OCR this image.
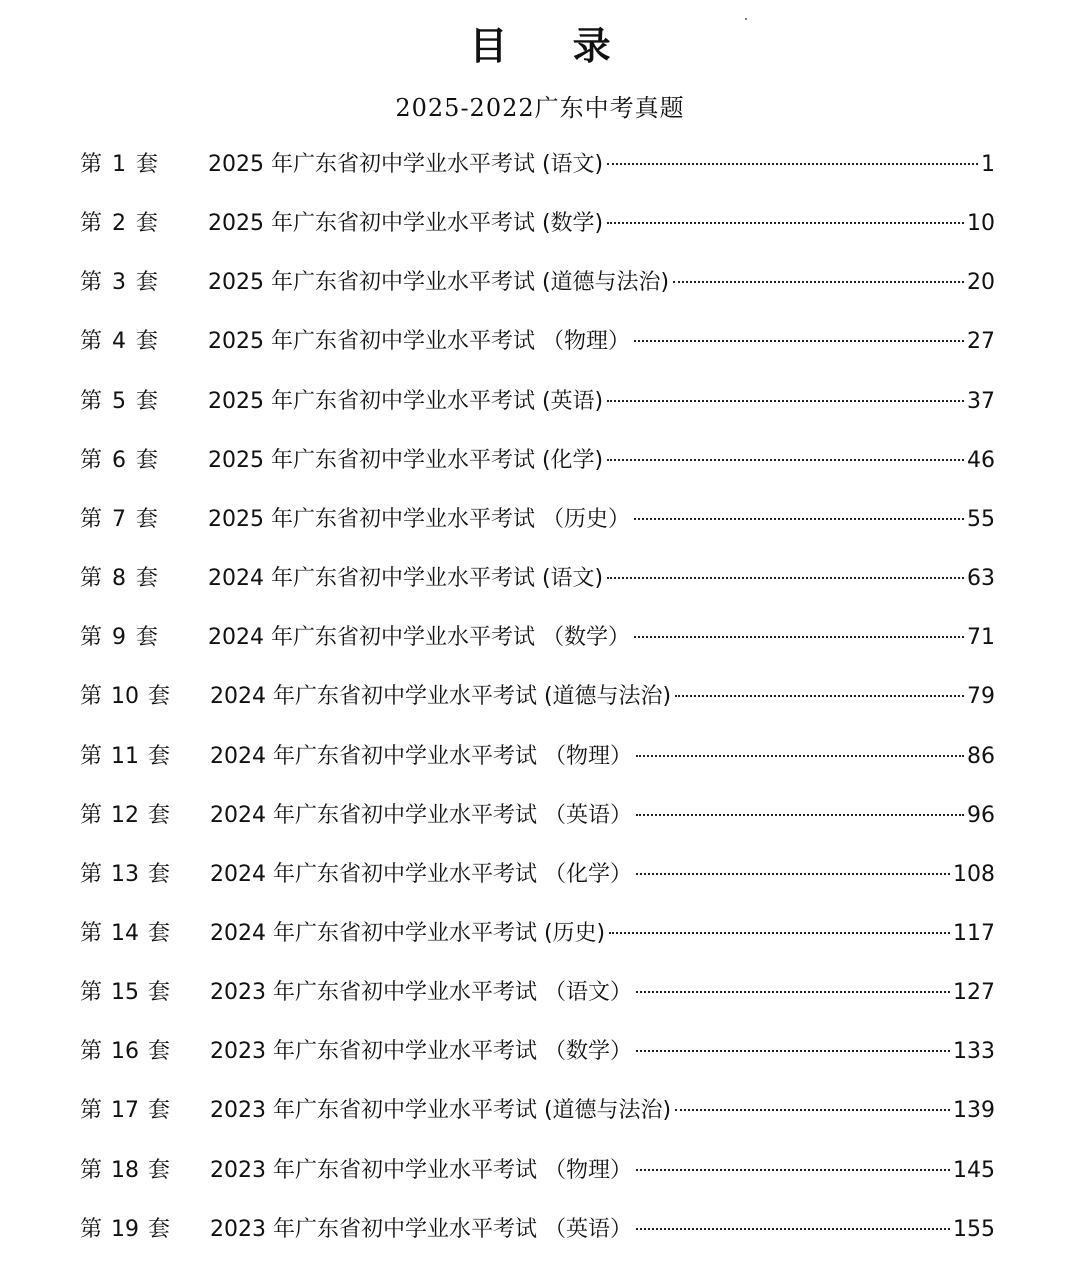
目 录
2025-2022广东中考真题
第 1 套 2025 年广东省初中学业水平考试 (语文)	1
第 2 套 2025 年广东省初中学业水平考试 (数学)	10
第 3 套 2025 年广东省初中学业水平考试 (道德与法治)	20
第 4 套 2025 年广东省初中学业水平考试 （物理）	27
第 5 套 2025 年广东省初中学业水平考试 (英语)	37
第 6 套 2025 年广东省初中学业水平考试 (化学)	46
第 7 套 2025 年广东省初中学业水平考试 （历史）	55
第 8 套 2024 年广东省初中学业水平考试 (语文)	63
第 9 套 2024 年广东省初中学业水平考试 （数学）	71
第 10 套 2024 年广东省初中学业水平考试 (道德与法治)	79
第 11 套 2024 年广东省初中学业水平考试 （物理）	86
第 12 套 2024 年广东省初中学业水平考试 （英语）	96
第 13 套 2024 年广东省初中学业水平考试 （化学）	108
第 14 套 2024 年广东省初中学业水平考试 (历史)	117
第 15 套 2023 年广东省初中学业水平考试 （语文）	127
第 16 套 2023 年广东省初中学业水平考试 （数学）	133
第 17 套 2023 年广东省初中学业水平考试 (道德与法治)	139
第 18 套 2023 年广东省初中学业水平考试 （物理）	145
第 19 套 2023 年广东省初中学业水平考试 （英语）	155
